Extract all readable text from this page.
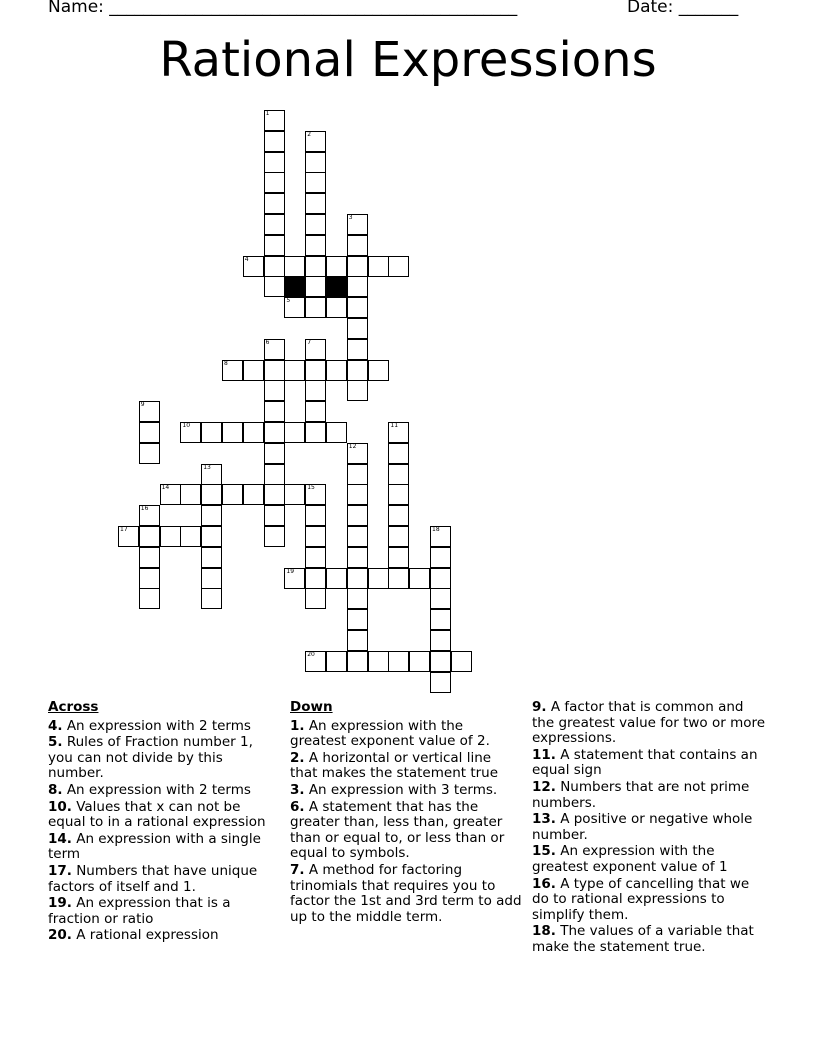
Name: ________________________________________________	Date: _______
Rational Expressions
1
2
3
4
5
6	7
8
9
10	11
12
13
14	15
16
17	18
19
20
Across
4. An expression with 2 terms
5. Rules of Fraction number 1, you can not divide by this number.
8. An expression with 2 terms
10. Values that x can not be equal to in a rational expression
14. An expression with a single term
17. Numbers that have unique factors of itself and 1.
19. An expression that is a fraction or ratio
20. A rational expression
Down
1. An expression with the greatest exponent value of 2.
2. A horizontal or vertical line that makes the statement true
3. An expression with 3 terms.
6. A statement that has the greater than, less than, greater than or equal to, or less than or equal to symbols.
7. A method for factoring trinomials that requires you to factor the 1st and 3rd term to add up to the middle term.
9. A factor that is common and the greatest value for two or more expressions.
11. A statement that contains an equal sign
12. Numbers that are not prime numbers.
13. A positive or negative whole number.
15. An expression with the greatest exponent value of 1
16. A type of cancelling that we do to rational expressions to simplify them.
18. The values of a variable that make the statement true.
